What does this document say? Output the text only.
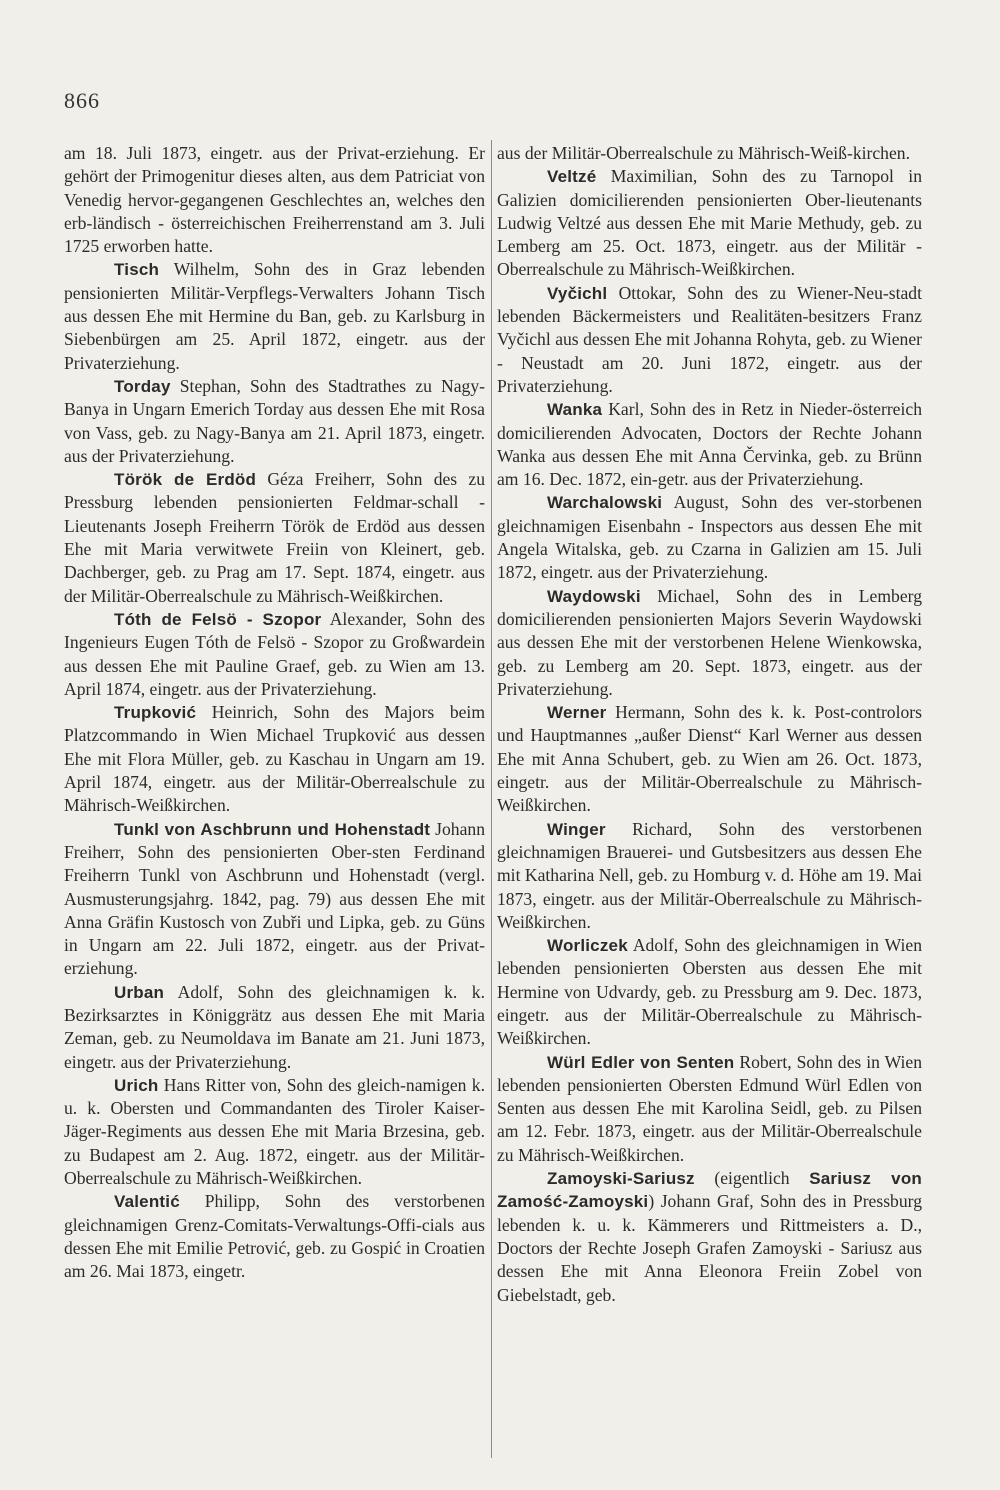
866

am 18. Juli 1873, eingetr. aus der Privat-erziehung. Er gehört der Primogenitur dieses alten, aus dem Patriciat von Venedig hervor-gegangenen Geschlechtes an, welches den erb-ländisch - österreichischen Freiherrenstand am 3. Juli 1725 erworben hatte.

Tisch Wilhelm, Sohn des in Graz lebenden pensionierten Militär-Verpflegs-Verwalters Johann Tisch aus dessen Ehe mit Hermine du Ban, geb. zu Karlsburg in Siebenbürgen am 25. April 1872, eingetr. aus der Privaterziehung.

Torday Stephan, Sohn des Stadtrathes zu Nagy-Banya in Ungarn Emerich Torday aus dessen Ehe mit Rosa von Vass, geb. zu Nagy-Banya am 21. April 1873, eingetr. aus der Privaterziehung.

Török de Erdöd Géza Freiherr, Sohn des zu Pressburg lebenden pensionierten Feldmar-schall - Lieutenants Joseph Freiherrn Török de Erdöd aus dessen Ehe mit Maria verwitwete Freiin von Kleinert, geb. Dachberger, geb. zu Prag am 17. Sept. 1874, eingetr. aus der Militär-Oberrealschule zu Mährisch-Weißkirchen.

Tóth de Felsö - Szopor Alexander, Sohn des Ingenieurs Eugen Tóth de Felsö - Szopor zu Großwardein aus dessen Ehe mit Pauline Graef, geb. zu Wien am 13. April 1874, eingetr. aus der Privaterziehung.

Trupković Heinrich, Sohn des Majors beim Platzcommando in Wien Michael Trupković aus dessen Ehe mit Flora Müller, geb. zu Kaschau in Ungarn am 19. April 1874, eingetr. aus der Militär-Oberrealschule zu Mährisch-Weißkirchen.

Tunkl von Aschbrunn und Hohenstadt Johann Freiherr, Sohn des pensionierten Ober-sten Ferdinand Freiherrn Tunkl von Aschbrunn und Hohenstadt (vergl. Ausmusterungsjahrg. 1842, pag. 79) aus dessen Ehe mit Anna Gräfin Kustosch von Zubři und Lipka, geb. zu Güns in Ungarn am 22. Juli 1872, eingetr. aus der Privat-erziehung.

Urban Adolf, Sohn des gleichnamigen k. k. Bezirksarztes in Königgrätz aus dessen Ehe mit Maria Zeman, geb. zu Neumoldava im Banate am 21. Juni 1873, eingetr. aus der Privaterziehung.

Urich Hans Ritter von, Sohn des gleich-namigen k. u. k. Obersten und Commandanten des Tiroler Kaiser-Jäger-Regiments aus dessen Ehe mit Maria Brzesina, geb. zu Budapest am 2. Aug. 1872, eingetr. aus der Militär-Oberrealschule zu Mährisch-Weißkirchen.

Valentić Philipp, Sohn des verstorbenen gleichnamigen Grenz-Comitats-Verwaltungs-Offi-cials aus dessen Ehe mit Emilie Petrović, geb. zu Gospić in Croatien am 26. Mai 1873, eingetr.

aus der Militär-Oberrealschule zu Mährisch-Weiß-kirchen.

Veltzé Maximilian, Sohn des zu Tarnopol in Galizien domicilierenden pensionierten Ober-lieutenants Ludwig Veltzé aus dessen Ehe mit Marie Methudy, geb. zu Lemberg am 25. Oct. 1873, eingetr. aus der Militär - Oberrealschule zu Mährisch-Weißkirchen.

Vyčichl Ottokar, Sohn des zu Wiener-Neu-stadt lebenden Bäckermeisters und Realitäten-besitzers Franz Vyčichl aus dessen Ehe mit Johanna Rohyta, geb. zu Wiener - Neustadt am 20. Juni 1872, eingetr. aus der Privaterziehung.

Wanka Karl, Sohn des in Retz in Nieder-österreich domicilierenden Advocaten, Doctors der Rechte Johann Wanka aus dessen Ehe mit Anna Červinka, geb. zu Brünn am 16. Dec. 1872, ein-getr. aus der Privaterziehung.

Warchalowski August, Sohn des ver-storbenen gleichnamigen Eisenbahn - Inspectors aus dessen Ehe mit Angela Witalska, geb. zu Czarna in Galizien am 15. Juli 1872, eingetr. aus der Privaterziehung.

Waydowski Michael, Sohn des in Lemberg domicilierenden pensionierten Majors Severin Waydowski aus dessen Ehe mit der verstorbenen Helene Wienkowska, geb. zu Lemberg am 20. Sept. 1873, eingetr. aus der Privaterziehung.

Werner Hermann, Sohn des k. k. Post-controlors und Hauptmannes „außer Dienst“ Karl Werner aus dessen Ehe mit Anna Schubert, geb. zu Wien am 26. Oct. 1873, eingetr. aus der Militär-Oberrealschule zu Mährisch-Weißkirchen.

Winger Richard, Sohn des verstorbenen gleichnamigen Brauerei- und Gutsbesitzers aus dessen Ehe mit Katharina Nell, geb. zu Homburg v. d. Höhe am 19. Mai 1873, eingetr. aus der Militär-Oberrealschule zu Mährisch-Weißkirchen.

Worliczek Adolf, Sohn des gleichnamigen in Wien lebenden pensionierten Obersten aus dessen Ehe mit Hermine von Udvardy, geb. zu Pressburg am 9. Dec. 1873, eingetr. aus der Militär-Oberrealschule zu Mährisch-Weißkirchen.

Würl Edler von Senten Robert, Sohn des in Wien lebenden pensionierten Obersten Edmund Würl Edlen von Senten aus dessen Ehe mit Karolina Seidl, geb. zu Pilsen am 12. Febr. 1873, eingetr. aus der Militär-Oberrealschule zu Mährisch-Weißkirchen.

Zamoyski-Sariusz (eigentlich Sariusz von Zamość-Zamoyski) Johann Graf, Sohn des in Pressburg lebenden k. u. k. Kämmerers und Rittmeisters a. D., Doctors der Rechte Joseph Grafen Zamoyski - Sariusz aus dessen Ehe mit Anna Eleonora Freiin Zobel von Giebelstadt, geb.
